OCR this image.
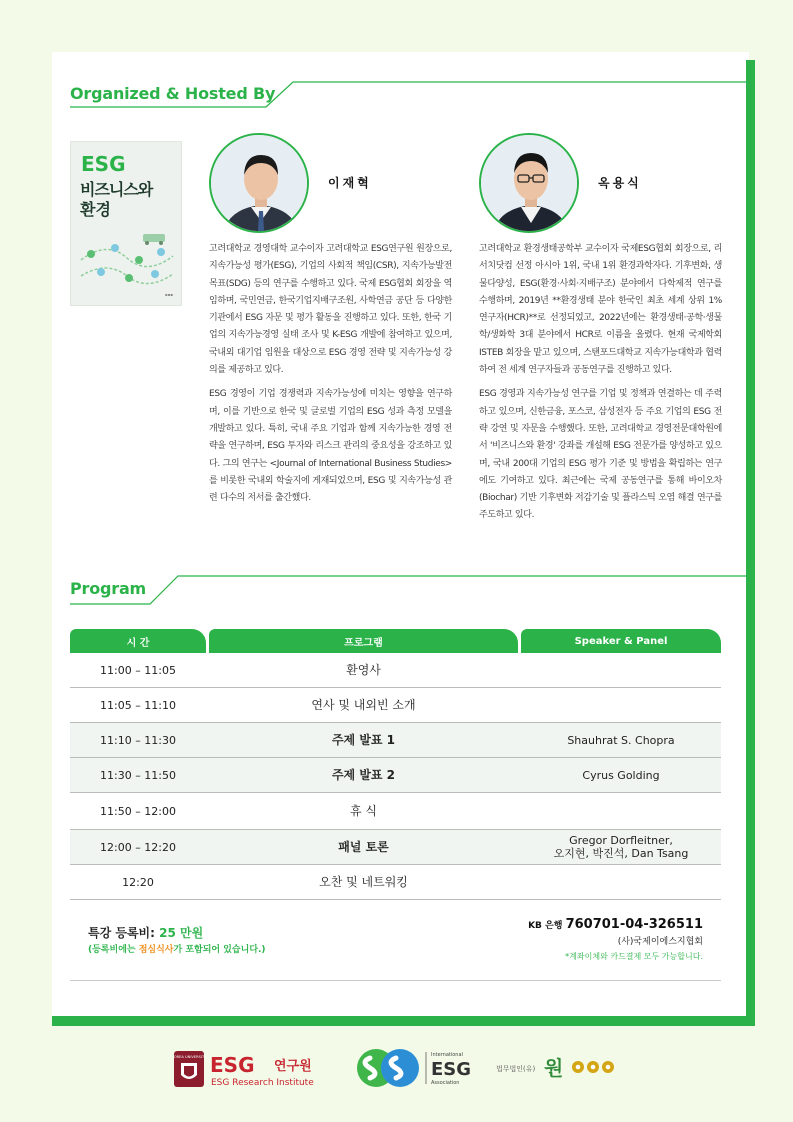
Organized & Hosted By
ESG
비즈니스와
환경
▪▪▪
이재혁

고려대학교 경영대학 교수이자 고려대학교 ESG연구원 원장으로, 지속가능성 평가(ESG), 기업의 사회적 책임(CSR), 지속가능발전목표(SDG) 등의 연구를 수행하고 있다. 국제 ESG협회 회장을 역임하며, 국민연금, 한국기업지배구조원, 사학연금 공단 등 다양한 기관에서 ESG 자문 및 평가 활동을 진행하고 있다. 또한, 한국 기업의 지속가능경영 실태 조사 및 K-ESG 개발에 참여하고 있으며, 국내외 대기업 임원을 대상으로 ESG 경영 전략 및 지속가능성 강의를 제공하고 있다.

ESG 경영이 기업 경쟁력과 지속가능성에 미치는 영향을 연구하며, 이를 기반으로 한국 및 글로벌 기업의 ESG 성과 측정 모델을 개발하고 있다. 특히, 국내 주요 기업과 함께 지속가능한 경영 전략을 연구하며, ESG 투자와 리스크 관리의 중요성을 강조하고 있다. 그의 연구는 <Journal of International Business Studies>를 비롯한 국내외 학술지에 게재되었으며, ESG 및 지속가능성 관련 다수의 저서를 출간했다.

옥용식

고려대학교 환경생태공학부 교수이자 국제ESG협회 회장으로, 리서치닷컴 선정 아시아 1위, 국내 1위 환경과학자다. 기후변화, 생물다양성, ESG(환경·사회·지배구조) 분야에서 다학제적 연구를 수행하며, 2019년 **환경생태 분야 한국인 최초 세계 상위 1% 연구자(HCR)**로 선정되었고, 2022년에는 환경생태·공학·생물학/생화학 3대 분야에서 HCR로 이름을 올렸다. 현재 국제학회 ISTEB 회장을 맡고 있으며, 스탠포드대학교 지속가능대학과 협력하여 전 세계 연구자들과 공동연구를 진행하고 있다.

ESG 경영과 지속가능성 연구를 기업 및 정책과 연결하는 데 주력하고 있으며, 신한금융, 포스코, 삼성전자 등 주요 기업의 ESG 전략 강연 및 자문을 수행했다. 또한, 고려대학교 경영전문대학원에서 '비즈니스와 환경' 강좌를 개설해 ESG 전문가를 양성하고 있으며, 국내 200대 기업의 ESG 평가 기준 및 방법을 확립하는 연구에도 기여하고 있다. 최근에는 국제 공동연구를 통해 바이오차(Biochar) 기반 기후변화 저감기술 및 플라스틱 오염 해결 연구를 주도하고 있다.

Program
시 간	프로그램	Speaker & Panel
11:00 – 11:05	환영사
11:05 – 11:10	연사 및 내외빈 소개
11:10 – 11:30	주제 발표 1	Shauhrat S. Chopra
11:30 – 11:50	주제 발표 2	Cyrus Golding
11:50 – 12:00	휴 식
12:00 – 12:20	패널 토론	Gregor Dorfleitner,
오지현, 박진석, Dan Tsang
12:20	오찬 및 네트워킹
특강 등록비: 25 만원
(등록비에는 점심식사가 포함되어 있습니다.)
KB 은행 760701-04-326511
(사)국제이에스지협회
*계좌이체와 카드결제 모두 가능합니다.
KOREA UNIVERSITY ESG 연구원
ESG Research Institute
International
ESG
Association
법무법인(유) 원
